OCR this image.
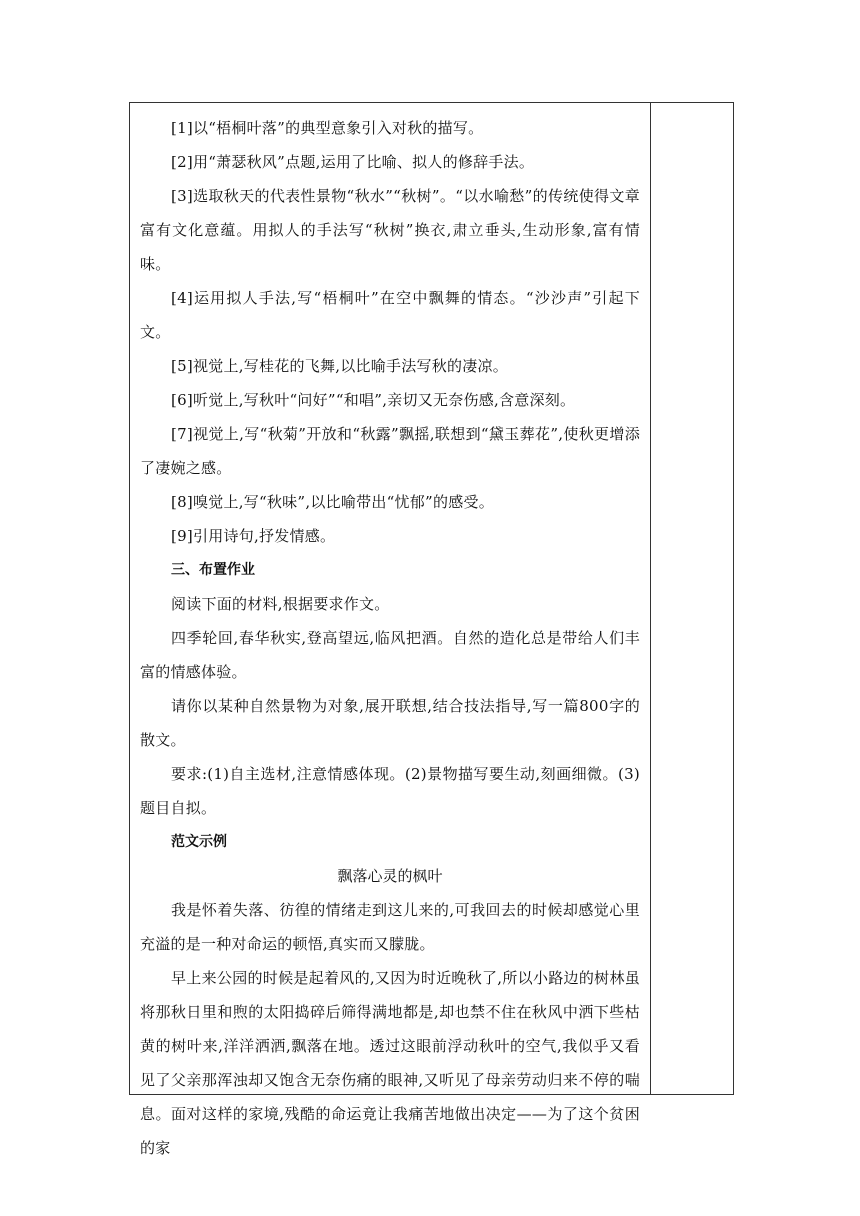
[1]以“梧桐叶落”的典型意象引入对秋的描写。

[2]用“萧瑟秋风”点题,运用了比喻、拟人的修辞手法。

[3]选取秋天的代表性景物“秋水”“秋树”。“以水喻愁”的传统使得文章富有文化意蕴。用拟人的手法写“秋树”换衣,肃立垂头,生动形象,富有情味。

[4]运用拟人手法,写“梧桐叶”在空中飘舞的情态。“沙沙声”引起下文。

[5]视觉上,写桂花的飞舞,以比喻手法写秋的凄凉。

[6]听觉上,写秋叶“问好”“和唱”,亲切又无奈伤感,含意深刻。

[7]视觉上,写“秋菊”开放和“秋露”飘摇,联想到“黛玉葬花”,使秋更增添了凄婉之感。

[8]嗅觉上,写“秋味”,以比喻带出“忧郁”的感受。

[9]引用诗句,抒发情感。

三、布置作业

阅读下面的材料,根据要求作文。

四季轮回,春华秋实,登高望远,临风把酒。自然的造化总是带给人们丰富的情感体验。

请你以某种自然景物为对象,展开联想,结合技法指导,写一篇800字的散文。

要求:(1)自主选材,注意情感体现。(2)景物描写要生动,刻画细微。(3)题目自拟。

范文示例

飘落心灵的枫叶

我是怀着失落、彷徨的情绪走到这儿来的,可我回去的时候却感觉心里充溢的是一种对命运的顿悟,真实而又朦胧。

早上来公园的时候是起着风的,又因为时近晚秋了,所以小路边的树林虽将那秋日里和煦的太阳捣碎后筛得满地都是,却也禁不住在秋风中洒下些枯黄的树叶来,洋洋洒洒,飘落在地。透过这眼前浮动秋叶的空气,我似乎又看见了父亲那浑浊却又饱含无奈伤痛的眼神,又听见了母亲劳动归来不停的喘息。面对这样的家境,残酷的命运竟让我痛苦地做出决定——为了这个贫困的家
